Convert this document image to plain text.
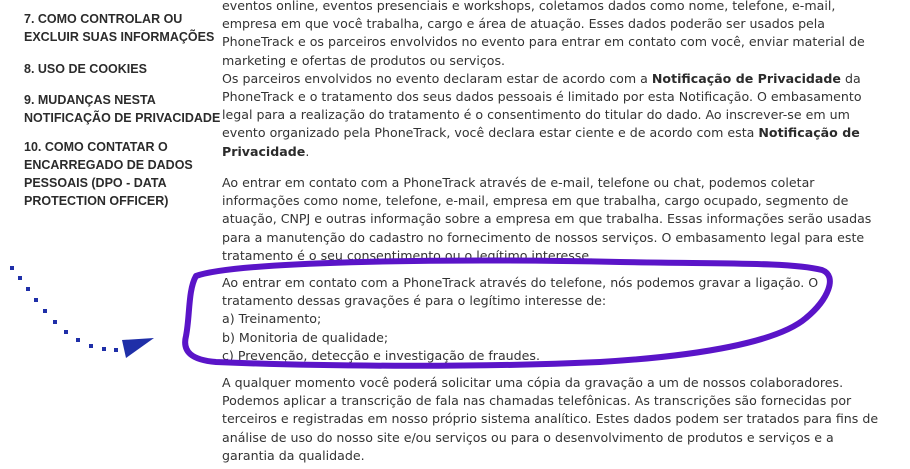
7. COMO CONTROLAR OU
EXCLUIR SUAS INFORMAÇÕES
8. USO DE COOKIES
9. MUDANÇAS NESTA
NOTIFICAÇÃO DE PRIVACIDADE
10. COMO CONTATAR O
ENCARREGADO DE DADOS
PESSOAIS (DPO - DATA
PROTECTION OFFICER)

eventos online, eventos presenciais e workshops, coletamos dados como nome, telefone, e-mail,
empresa em que você trabalha, cargo e área de atuação. Esses dados poderão ser usados pela
PhoneTrack e os parceiros envolvidos no evento para entrar em contato com você, enviar material de
marketing e ofertas de produtos ou serviços.
Os parceiros envolvidos no evento declaram estar de acordo com a Notificação de Privacidade da
PhoneTrack e o tratamento dos seus dados pessoais é limitado por esta Notificação. O embasamento
legal para a realização do tratamento é o consentimento do titular do dado. Ao inscrever-se em um
evento organizado pela PhoneTrack, você declara estar ciente e de acordo com esta Notificação de
Privacidade.

Ao entrar em contato com a PhoneTrack através de e-mail, telefone ou chat, podemos coletar
informações como nome, telefone, e-mail, empresa em que trabalha, cargo ocupado, segmento de
atuação, CNPJ e outras informação sobre a empresa em que trabalha. Essas informações serão usadas
para a manutenção do cadastro no fornecimento de nossos serviços. O embasamento legal para este
tratamento é o seu consentimento ou o legítimo interesse.

Ao entrar em contato com a PhoneTrack através do telefone, nós podemos gravar a ligação. O
tratamento dessas gravações é para o legítimo interesse de:
a) Treinamento;
b) Monitoria de qualidade;
c) Prevenção, detecção e investigação de fraudes.

A qualquer momento você poderá solicitar uma cópia da gravação a um de nossos colaboradores.
Podemos aplicar a transcrição de fala nas chamadas telefônicas. As transcrições são fornecidas por
terceiros e registradas em nosso próprio sistema analítico. Estes dados podem ser tratados para fins de
análise de uso do nosso site e/ou serviços ou para o desenvolvimento de produtos e serviços e a
garantia da qualidade.
